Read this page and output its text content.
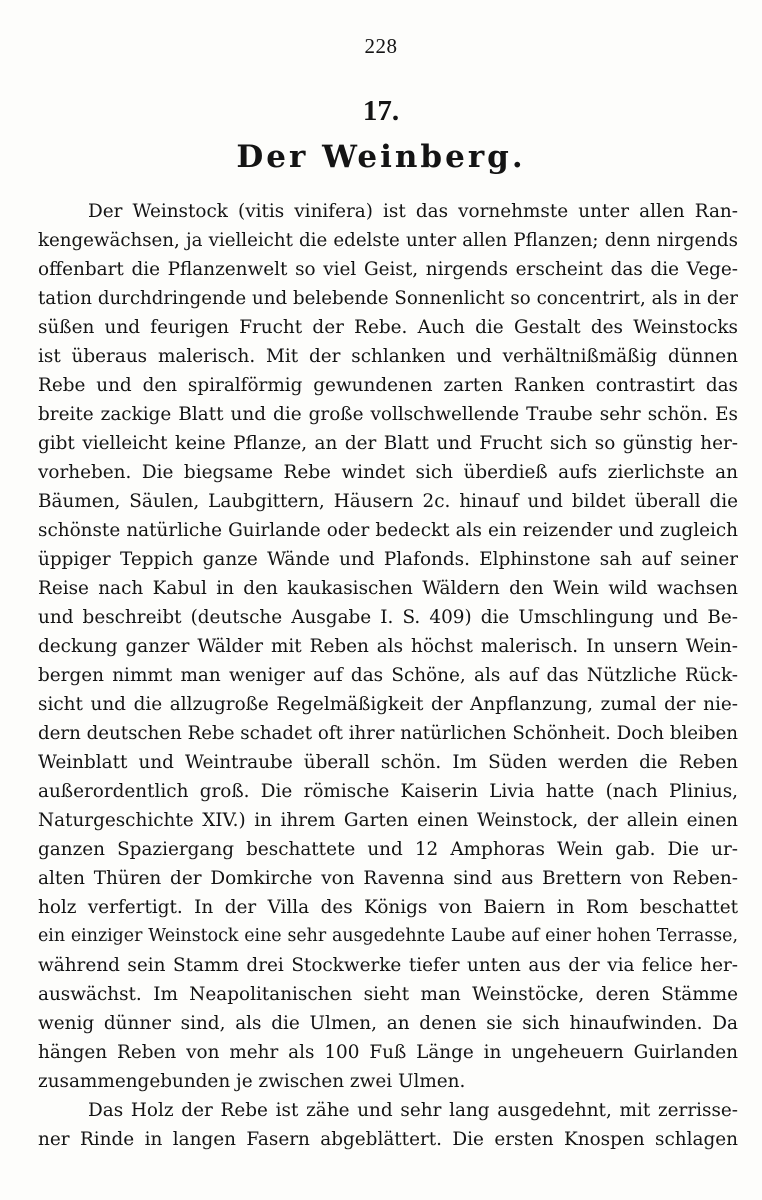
228
17.
Der Weinberg.
Der Weinstock (vitis vinifera) ist das vornehmste unter allen Ran-
kengewächsen, ja vielleicht die edelste unter allen Pflanzen; denn nirgends
offenbart die Pflanzenwelt so viel Geist, nirgends erscheint das die Vege-
tation durchdringende und belebende Sonnenlicht so concentrirt, als in der
süßen und feurigen Frucht der Rebe. Auch die Gestalt des Weinstocks
ist überaus malerisch. Mit der schlanken und verhältnißmäßig dünnen
Rebe und den spiralförmig gewundenen zarten Ranken contrastirt das
breite zackige Blatt und die große vollschwellende Traube sehr schön. Es
gibt vielleicht keine Pflanze, an der Blatt und Frucht sich so günstig her-
vorheben. Die biegsame Rebe windet sich überdieß aufs zierlichste an
Bäumen, Säulen, Laubgittern, Häusern 2c. hinauf und bildet überall die
schönste natürliche Guirlande oder bedeckt als ein reizender und zugleich
üppiger Teppich ganze Wände und Plafonds. Elphinstone sah auf seiner
Reise nach Kabul in den kaukasischen Wäldern den Wein wild wachsen
und beschreibt (deutsche Ausgabe I. S. 409) die Umschlingung und Be-
deckung ganzer Wälder mit Reben als höchst malerisch. In unsern Wein-
bergen nimmt man weniger auf das Schöne, als auf das Nützliche Rück-
sicht und die allzugroße Regelmäßigkeit der Anpflanzung, zumal der nie-
dern deutschen Rebe schadet oft ihrer natürlichen Schönheit. Doch bleiben
Weinblatt und Weintraube überall schön. Im Süden werden die Reben
außerordentlich groß. Die römische Kaiserin Livia hatte (nach Plinius,
Naturgeschichte XIV.) in ihrem Garten einen Weinstock, der allein einen
ganzen Spaziergang beschattete und 12 Amphoras Wein gab. Die ur-
alten Thüren der Domkirche von Ravenna sind aus Brettern von Reben-
holz verfertigt. In der Villa des Königs von Baiern in Rom beschattet
ein einziger Weinstock eine sehr ausgedehnte Laube auf einer hohen Terrasse,
während sein Stamm drei Stockwerke tiefer unten aus der via felice her-
auswächst. Im Neapolitanischen sieht man Weinstöcke, deren Stämme
wenig dünner sind, als die Ulmen, an denen sie sich hinaufwinden. Da
hängen Reben von mehr als 100 Fuß Länge in ungeheuern Guirlanden
zusammengebunden je zwischen zwei Ulmen.
Das Holz der Rebe ist zähe und sehr lang ausgedehnt, mit zerrisse-
ner Rinde in langen Fasern abgeblättert. Die ersten Knospen schlagen
